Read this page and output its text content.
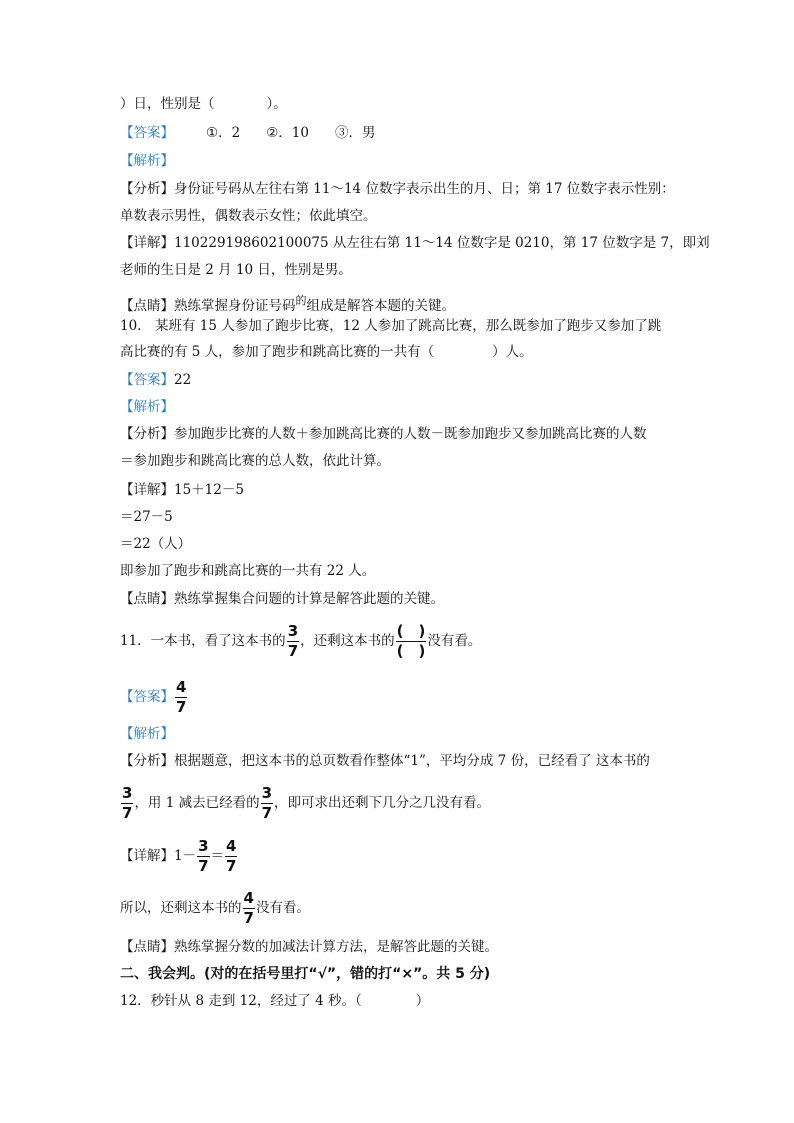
）日，性别是（	）。
【答案】 ①．2 ②．10 ③．男
【解析】
【分析】身份证号码从左往右第 11～14 位数字表示出生的月、日；第 17 位数字表示性别：
单数表示男性，偶数表示女性；依此填空。
【详解】110229198602100075 从左往右第 11～14 位数字是 0210，第 17 位数字是 7，即刘
老师的生日是 2 月 10 日，性别是男。
【点睛】熟练掌握身份证号码$^的$组成是解答本题的关键。
10.　某班有 15 人参加了跑步比赛，12 人参加了跳高比赛，那么既参加了跑步又参加了跳
高比赛的有 5 人，参加了跑步和跳高比赛的一共有（	）人。
【答案】22
【解析】
【分析】参加跑步比赛的人数＋参加跳高比赛的人数－既参加跑步又参加跳高比赛的人数
＝参加跑步和跳高比赛的总人数，依此计算。
【详解】15＋12－5
＝27－5
＝22（人）
即参加了跑步和跳高比赛的一共有 22 人。
【点睛】熟练掌握集合问题的计算是解答此题的关键。
11．一本书，看了这本书的 $\frac{3}{7}$ ，还剩这本书的 $\frac{( )}{( )}$ 没有看。
【答案】 $\frac{4}{7}$
【解析】
【分析】根据题意，把这本书的总页数看作整体“1”，平均分成 7 份，已经看了 这本书的
$\frac{3}{7}$ ，用 1 减去已经看的 $\frac{3}{7}$ ，即可求出还剩下几分之几没有看。
【详解】$1- \frac{3}{7} = \frac{4}{7}$
所以，还剩这本书的 $\frac{4}{7}$ 没有看。
【点睛】熟练掌握分数的加减法计算方法，是解答此题的关键。
二、我会判。(对的在括号里打“√”，错的打“×”。共 5 分)
12．秒针从 8 走到 12，经过了 4 秒。（	）
